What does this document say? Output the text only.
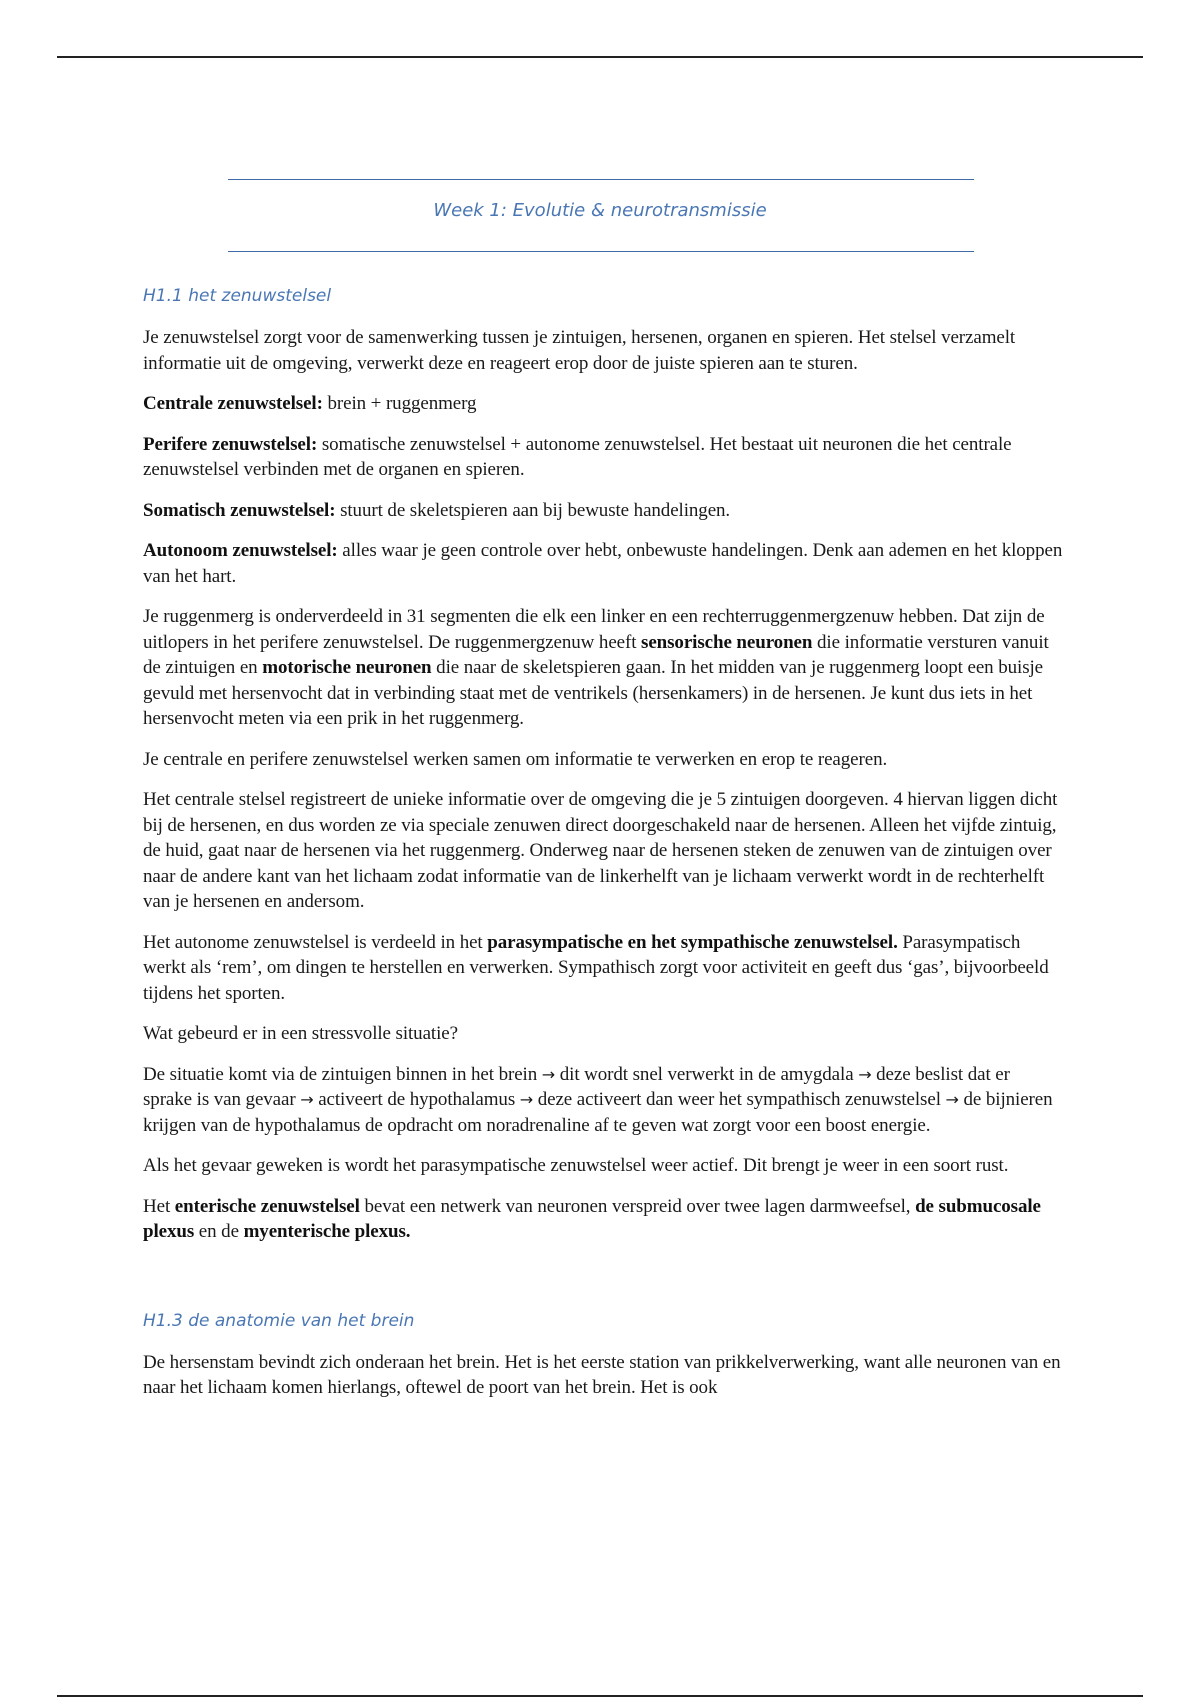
Week 1: Evolutie & neurotransmissie
H1.1 het zenuwstelsel

Je zenuwstelsel zorgt voor de samenwerking tussen je zintuigen, hersenen, organen en spieren. Het stelsel verzamelt informatie uit de omgeving, verwerkt deze en reageert erop door de juiste spieren aan te sturen.

Centrale zenuwstelsel: brein + ruggenmerg

Perifere zenuwstelsel: somatische zenuwstelsel + autonome zenuwstelsel. Het bestaat uit neuronen die het centrale zenuwstelsel verbinden met de organen en spieren.

Somatisch zenuwstelsel: stuurt de skeletspieren aan bij bewuste handelingen.

Autonoom zenuwstelsel: alles waar je geen controle over hebt, onbewuste handelingen. Denk aan ademen en het kloppen van het hart.

Je ruggenmerg is onderverdeeld in 31 segmenten die elk een linker en een rechterruggenmergzenuw hebben. Dat zijn de uitlopers in het perifere zenuwstelsel. De ruggenmergzenuw heeft sensorische neuronen die informatie versturen vanuit de zintuigen en motorische neuronen die naar de skeletspieren gaan. In het midden van je ruggenmerg loopt een buisje gevuld met hersenvocht dat in verbinding staat met de ventrikels (hersenkamers) in de hersenen. Je kunt dus iets in het hersenvocht meten via een prik in het ruggenmerg.

Je centrale en perifere zenuwstelsel werken samen om informatie te verwerken en erop te reageren.

Het centrale stelsel registreert de unieke informatie over de omgeving die je 5 zintuigen doorgeven. 4 hiervan liggen dicht bij de hersenen, en dus worden ze via speciale zenuwen direct doorgeschakeld naar de hersenen. Alleen het vijfde zintuig, de huid, gaat naar de hersenen via het ruggenmerg. Onderweg naar de hersenen steken de zenuwen van de zintuigen over naar de andere kant van het lichaam zodat informatie van de linkerhelft van je lichaam verwerkt wordt in de rechterhelft van je hersenen en andersom.

Het autonome zenuwstelsel is verdeeld in het parasympatische en het sympathische zenuwstelsel. Parasympatisch werkt als ‘rem’, om dingen te herstellen en verwerken. Sympathisch zorgt voor activiteit en geeft dus ‘gas’, bijvoorbeeld tijdens het sporten.

Wat gebeurd er in een stressvolle situatie?

De situatie komt via de zintuigen binnen in het brein → dit wordt snel verwerkt in de amygdala → deze beslist dat er sprake is van gevaar → activeert de hypothalamus → deze activeert dan weer het sympathisch zenuwstelsel → de bijnieren krijgen van de hypothalamus de opdracht om noradrenaline af te geven wat zorgt voor een boost energie.

Als het gevaar geweken is wordt het parasympatische zenuwstelsel weer actief. Dit brengt je weer in een soort rust.

Het enterische zenuwstelsel bevat een netwerk van neuronen verspreid over twee lagen darmweefsel, de submucosale plexus en de myenterische plexus.

H1.3 de anatomie van het brein

De hersenstam bevindt zich onderaan het brein. Het is het eerste station van prikkelverwerking, want alle neuronen van en naar het lichaam komen hierlangs, oftewel de poort van het brein. Het is ook
